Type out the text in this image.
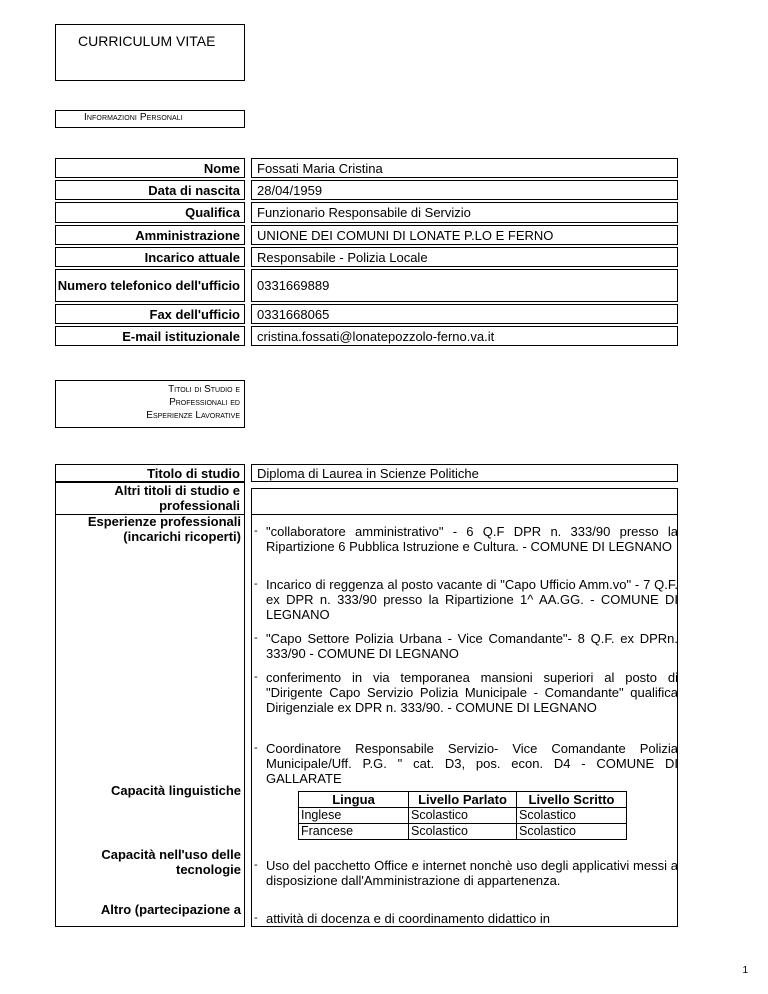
CURRICULUM VITAE
Informazioni Personali
Nome Fossati Maria Cristina
Data di nascita 28/04/1959
Qualifica Funzionario Responsabile di Servizio
Amministrazione UNIONE DEI COMUNI DI LONATE P.LO E FERNO
Incarico attuale Responsabile - Polizia Locale
Numero telefonico dell'ufficio 0331669889
Fax dell'ufficio 0331668065
E-mail istituzionale cristina.fossati@lonatepozzolo-ferno.va.it
Titoli di Studio e
Professionali ed
Esperienze Lavorative
Titolo di studio Diploma di Laurea in Scienze Politiche
Altri titoli di studio e professionali
Esperienze professionali (incarichi ricoperti)	- "collaboratore amministrativo" - 6 Q.F DPR n. 333/90 presso la Ripartizione 6 Pubblica Istruzione e Cultura. - COMUNE DI LEGNANO
- Incarico di reggenza al posto vacante di "Capo Ufficio Amm.vo" - 7 Q.F. ex DPR n. 333/90 presso la Ripartizione 1^ AA.GG. - COMUNE DI LEGNANO
- "Capo Settore Polizia Urbana - Vice Comandante"- 8 Q.F. ex DPRn. 333/90 - COMUNE DI LEGNANO
- conferimento in via temporanea mansioni superiori al posto di "Dirigente Capo Servizio Polizia Municipale - Comandante" qualifica Dirigenziale ex DPR n. 333/90. - COMUNE DI LEGNANO
- Coordinatore Responsabile Servizio- Vice Comandante Polizia Municipale/Uff. P.G. " cat. D3, pos. econ. D4 - COMUNE DI GALLARATE
Capacità linguistiche
Lingua	Livello Parlato	Livello Scritto
Inglese	Scolastico	Scolastico
Francese	Scolastico	Scolastico
Capacità nell'uso delle tecnologie	- Uso del pacchetto Office e internet nonchè uso degli applicativi messi a disposizione dall'Amministrazione di appartenenza.
Altro (partecipazione a
- attività di docenza e di coordinamento didattico in
1
